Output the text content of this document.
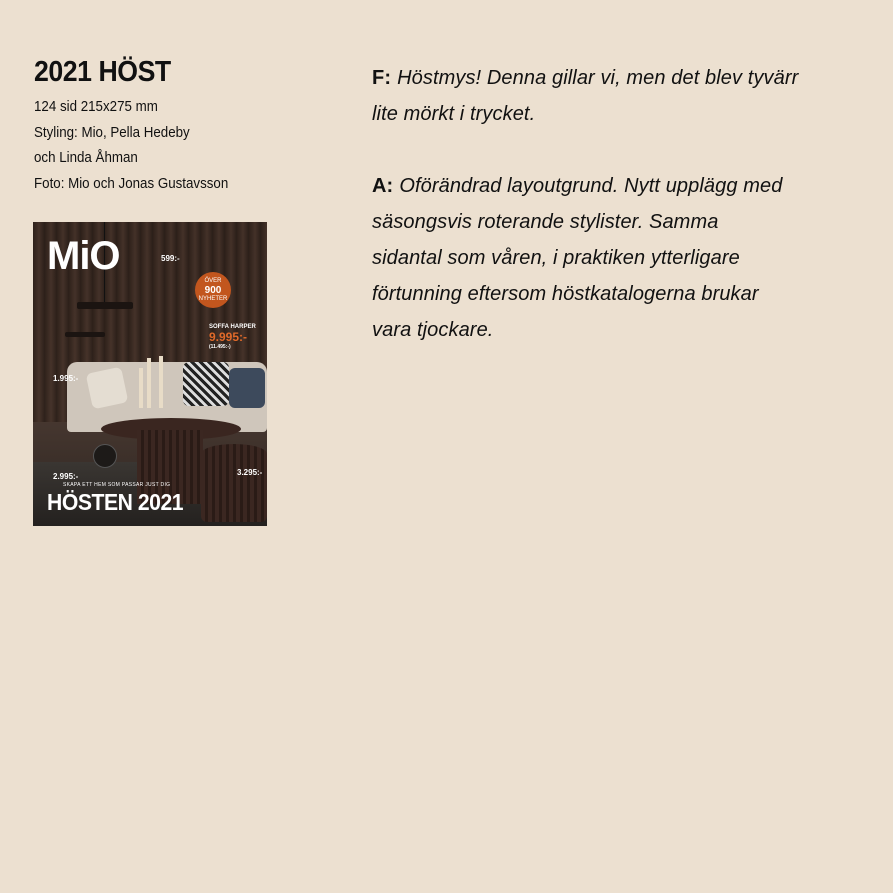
2021 HÖST
124 sid 215x275 mm
Styling: Mio, Pella Hedeby
och Linda Åhman
Foto: Mio och Jonas Gustavsson
MiO
ÖVER
900
NYHETER
SOFFA HARPER
9.995:-
(11.495:-)
599:-
1.995:-
2.995:-	3.295:-
SKAPA ETT HEM SOM PASSAR JUST DIG
HÖSTEN 2021

F: Höstmys! Denna gillar vi, men det blev tyvärr
lite mörkt i trycket.

A: Oförändrad layoutgrund. Nytt upplägg med
säsongsvis roterande stylister. Samma
sidantal som våren, i praktiken ytterligare
förtunning eftersom höstkatalogerna brukar
vara tjockare.
